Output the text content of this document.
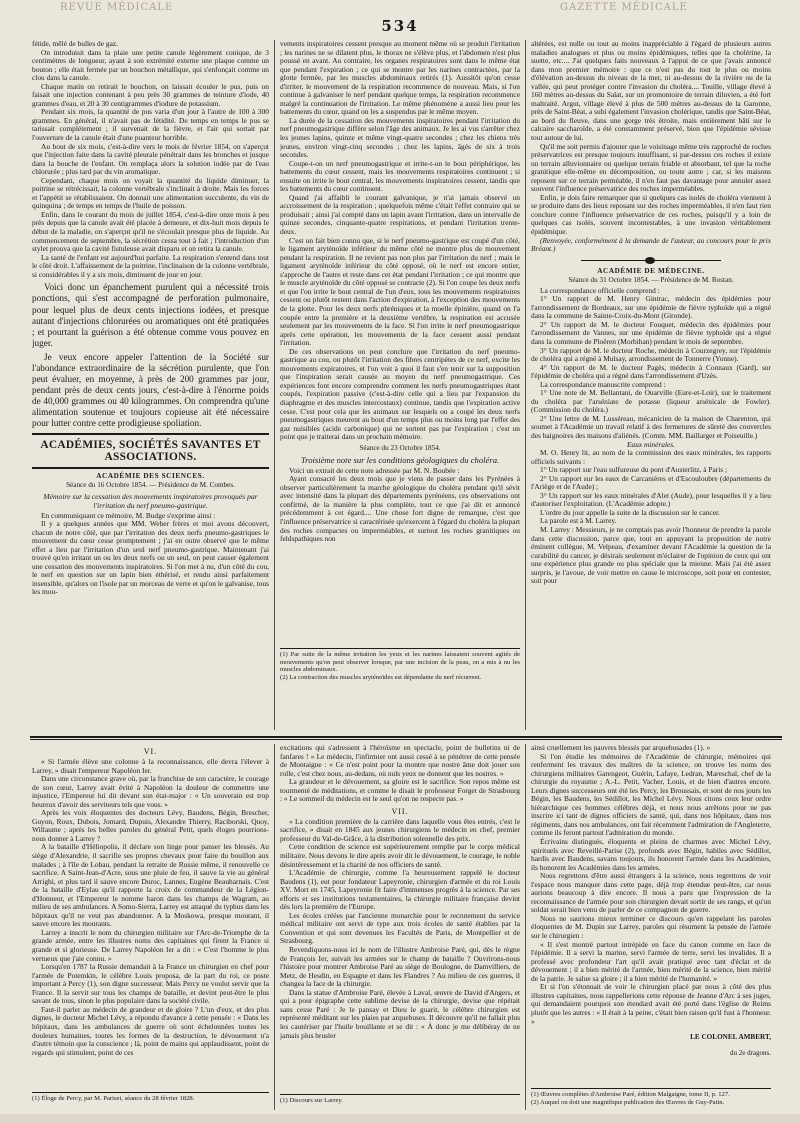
REVUE MÉDICALE	GAZETTE MÉDICALE
534

fétide, mêlé de bulles de gaz.

On introduisit dans la plaie une petite canule légèrement conique, de 3 centimètres de longueur, ayant à son extrémité externe une plaque comme un bouton ; elle était fermée par un bouchon métallique, qui s'enfonçait comme un clou dans la canule.

Chaque matin on retirait le bouchon, on laissait écouler le pus, puis on faisait une injection contenant à peu près 30 grammes de teinture d'iode, 40 grammes d'eau, et 20 à 30 centigrammes d'iodure de potassium.

Pendant six mois, la quantité de pus varia d'un jour à l'autre de 100 à 300 grammes. En général, il n'avait pas de fétidité. De temps en temps le pus se tarissait complétement ; il survenait de la fièvre, et l'air qui sortait par l'ouverture de la canule était d'une puanteur horrible.

Au bout de six mois, c'est-à-dire vers le mois de février 1854, on s'aperçut que l'injection faite dans la cavité pleurale pénétrait dans les bronches et jusque dans la bouche de l'enfant. On remplaça alors la solution iodée par de l'eau chlorurée ; plus tard par du vin aromatique.

Cependant, chaque mois on voyait la quantité du liquide diminuer, la poitrine se rétrécissait, la colonne vertébrale s'inclinait à droite. Mais les forces et l'appétit se rétablissaient. On donnait une alimentation succulente, du vin de quinquina ; de temps en temps de l'huile de poisson.

Enfin, dans le courant du mois de juillet 1854, c'est-à-dire onze mois à peu près depuis que la canule avait été placée à demeure, et dix-huit mois depuis le début de la maladie, on s'aperçut qu'il ne s'écoulait presque plus de liquide. Au commencement de septembre, la sécrétion cessa tout à fait ; l'introduction d'un stylet prouva que la cavité fistuleuse avait disparu et on retira la canule.

La santé de l'enfant est aujourd'hui parfaite. La respiration s'entend dans tout le côté droit. L'affaissement de la poitrine, l'inclinaison de la colonne vertébrale, si considérables il y a six mois, diminuent de jour en jour.

Voici donc un épanchement purulent qui a nécessité trois ponctions, qui s'est accompagné de perforation pulmonaire, pour lequel plus de deux cents injections iodées, et presque autant d'injections chlorurées ou aromatiques ont été pratiquées ; et pourtant la guérison a été obtenue comme vous pouvez en juger.

Je veux encore appeler l'attention de la Société sur l'abondance extraordinaire de la sécrétion purulente, que l'on peut évaluer, en moyenne, à près de 200 grammes par jour, pendant près de deux cents jours, c'est-à-dire à l'énorme poids de 40,000 grammes ou 40 kilogrammes. On comprendra qu'une alimentation soutenue et toujours copieuse ait été nécessaire pour lutter contre cette prodigieuse spoliation.

ACADÉMIES, SOCIÉTÉS SAVANTES ET ASSOCIATIONS.
ACADÉMIE DES SCIENCES.
Séance du 16 Octobre 1854. — Présidence de M. Combes.
Mémoire sur la cessation des mouvements inspiratoires provoqués par l'irritation du nerf pneumo-gastrique.

En communiquant ce mémoire, M. Budge s'exprime ainsi :

Il y a quelques années que MM. Weber frères et moi avons découvert, chacun de notre côté, que par l'irritation des deux nerfs pneumo-gastriques le mouvement du cœur cesse promptement ; j'ai en outre observé que le même effet a lieu par l'irritation d'un seul nerf pneumo-gastrique. Maintenant j'ai trouvé qu'en irritant un ou les deux nerfs ou un seul, on peut causer également une cessation des mouvements inspiratoires. Si l'on met à nu, d'un côté du cou, le nerf en question sur un lapin bien éthérisé, et rendu ainsi parfaitement insensible, qu'alors on l'isole par un morceau de verre et qu'on le galvanise, tous les mou-

vements inspiratoires cessent presque au moment même où se produit l'irritation ; les narines ne se dilatent plus, le thorax ne s'élève plus, et l'abdomen n'est plus poussé en avant. Au contraire, les organes respiratoires sont dans le même état que pendant l'expiration ; ce qui se montre par les narines contractées, par la glotte fermée, par les muscles abdominaux retirés (1). Aussitôt qu'on cesse d'irriter, le mouvement de la respiration recommence de nouveau. Mais, si l'on continue à galvaniser le nerf pendant quelque temps, la respiration recommence malgré la continuation de l'irritation. Le même phénomène a aussi lieu pour les battements du cœur, quand on les a suspendus par le même moyen.

La durée de la cessation des mouvements inspiratoires pendant l'irritation du nerf pneumogastrique diffère selon l'âge des animaux. Je les ai vus s'arrêter chez les jeunes lapins, quinze et même vingt-quatre secondes ; chez les chiens très jeunes, environ vingt-cinq secondes ; chez les lapins, âgés de six à trois secondes.

Coupe-t-on un nerf pneumogastrique et irrite-t-on le bout périphérique, les battements du cœur cessent, mais les mouvements respiratoires continuent ; si ensuite on irrite le bout central, les mouvements inspiratoires cessent, tandis que les battements du cœur continuent.

Quand j'ai affaibli le courant galvanique, je n'ai jamais observé un accroissement de la respiration ; quelquefois même c'était l'effet contraire qui se produisait ; ainsi j'ai compté dans un lapin avant l'irritation, dans un intervalle de quinze secondes, cinquante-quatre respirations, et pendant l'irritation trente-deux.

C'est un fait bien connu que, si le nerf pneumo-gastrique est coupé d'un côté, le ligament aryténoïde inférieur du même côté ne montre plus de mouvement pendant la respiration. Il ne revient pas non plus par l'irritation du nerf ; mais le ligament aryténoïde inférieur du côté opposé, où le nerf est encore entier, s'approche de l'autre et reste dans cet état pendant l'irritation ; ce qui montre que le muscle aryténoïde du côté opposé se contracte (2). Si l'on coupe les deux nerfs et que l'on irrite le bout central de l'un d'eux, tous les mouvements respiratoires cessent ou plutôt restent dans l'action d'expiration, à l'exception des mouvements de la glotte. Pour les deux nerfs phréniques et la moelle épinière, quand on l'a coupée entre la première et la deuxième vertèbre, la respiration est accusée seulement par les mouvements de la face. Si l'on irrite le nerf pneumogastrique après cette opération, les mouvements de la face cessent aussi pendant l'irritation.

De ces observations on peut conclure que l'irritation du nerf pneumo-gastrique au cou, ou plutôt l'irritation des fibres centripètes de ce nerf, excite les mouvements expiratoires, et l'on voit à quoi il faut s'en tenir sur la supposition que l'inspiration serait causée au moyen du nerf pneumogastrique. Ces expériences font encore comprendre comment les nerfs pneumogastriques étant coupés, l'expiration passive (c'est-à-dire celle qui a lieu par l'expansion du diaphragme et des muscles intercostaux) continue, tandis que l'expiration active cesse. C'est pour cela que les animaux sur lesquels on a coupé les deux nerfs pneumogastriques meurent au bout d'un temps plus ou moins long par l'effet des gaz nuisibles (acide carbonique) qui ne sortent pas par l'expiration ; c'est un point que je traiterai dans un prochain mémoire.

Séance du 23 Octobre 1854.
Troisième note sur les conditions géologiques du choléra.

Voici un extrait de cette note adressée par M. N. Boubée :

Ayant consacré les deux mois que je viens de passer dans les Pyrénées à observer particulièrement la marche géologique du choléra pendant qu'il sévit avec intensité dans la plupart des départements pyrénéens, ces observations ont confirmé, de la manière la plus complète, tout ce que j'ai dit et annoncé précédemment à cet égard.... Une chose fort digne de remarque, c'est que l'influence préservatrice si caractérisée qu'exercent à l'égard du choléra la plupart des roches compactes ou imperméables, et surtout les roches granitiques ou feldspathiques non

(1) Par suite de la même irritation les yeux et les narines laissaient souvent agités de mouvements qu'on peut observer lorsque, par une incision de la peau, on a mis à nu les muscles abdominaux.

(2) La contraction des muscles aryténoïdes est dépendante du nerf récurrent.

altérées, est nulle ou tout au moins inappréciable à l'égard de plusieurs autres maladies analogues et plus ou moins épidémiques, telles que la cholérine, la suette, etc.... J'ai quelques faits nouveaux à l'appui de ce que j'avais annoncé dans mon premier mémoire : que ce n'est pas du tout le plus ou moins d'élévation au-dessus du niveau de la mer, ni au-dessus de la rivière ou de la vallée, qui peut protéger contre l'invasion du choléra.... Touille, village élevé à 160 mètres au-dessus du Salat, sur un promontoire de terrain diluvien, a été fort maltraité. Argut, village élevé à plus de 500 mètres au-dessus de la Garonne, près de Saint-Béat, a subi également l'invasion cholérique, tandis que Saint-Béat, au bord du fleuve, dans une gorge très étroite, mais entièrement bâti sur le calcaire saccharoïde, a été constamment préservé, bien que l'épidémie sévisse tout autour de lui.

Qu'il me soit permis d'ajouter que le voisinage même très rapproché de roches préservatrices est presque toujours insuffisant, si par-dessus ces roches il existe un terrain alluvionnaire ou quelque terrain friable et absorbant, tel que la roche granitique elle-même en décomposition, ou toute autre ; car, si les maisons reposent sur ce terrain perméable, il n'en faut pas davantage pour annuler assez souvent l'influence préservatrice des roches imperméables.

Enfin, je dois faire remarquer que si quelques cas isolés de choléra viennent à se produire dans des lieux reposant sur des roches imperméables, il n'en faut rien conclure contre l'influence préservatrice de ces roches, puisqu'il y a loin de quelques cas isolés, souvent incontestables, à une invasion véritablement épidémique.

(Renvoyée, conformément à la demande de l'auteur, au concours pour le prix Bréant.)

ACADÉMIE DE MÉDECINE.
Séance du 31 Octobre 1854. — Présidence de M. Rostan.

La correspondance officielle comprend :

1° Un rapport de M. Henry Gintrac, médecin des épidémies pour l'arrondissement de Bordeaux, sur une épidémie de fièvre typhoïde qui a régné dans la commune de Sainte-Croix-du-Mont (Gironde).

2° Un rapport de M. le docteur Fouquet, médecin des épidémies pour l'arrondissement de Vannes, sur une épidémie de fièvre typhoïde qui a régné dans la commune de Ploëren (Morbihan) pendant le mois de septembre.

3° Un rapport de M. le docteur Roche, médecin à Courzegrey, sur l'épidémie de choléra qui a régné à Mulsay, arrondissement de Tonnerre (Yonne).

4° Un rapport de M. le docteur Pagès, médecin à Connaux (Gard), sur l'épidémie de choléra qui a régné dans l'arrondissement d'Uzès.

La correspondance manuscrite comprend :

1° Une note de M. Bellantani, de Ouarville (Eure-et-Loir), sur le traitement du choléra par l'arséniate de potasse (liqueur arsénicale de Fowler). (Commission du choléra.)

2° Une lettre de M. Lusséreau, mécanicien de la maison de Charenton, qui soumet à l'Académie un travail relatif à des fermetures de sûreté des couvercles des baignoires des maisons d'aliénés. (Comm. MM. Baillarger et Poiseuille.)

Eaux minérales.

M. O. Henry lit, au nom de la commission des eaux minérales, les rapports officiels suivants :

1° Un rapport sur l'eau sulfureuse du pont d'Austerlitz, à Paris ;

2° Un rapport sur les eaux de Carcanières et d'Escouloubre (départements de l'Ariège et de l'Aude) ;

3° Un rapport sur les eaux minérales d'Alet (Aude), pour lesquelles il y a lieu d'autoriser l'exploitation. (L'Académie adopte.)

L'ordre du jour appelle la suite de la discussion sur le cancer.

La parole est à M. Larrey.

M. Larrey : Messieurs, je ne comptais pas avoir l'honneur de prendre la parole dans cette discussion, parce que, tout en appuyant la proposition de notre éminent collègue, M. Velpeau, d'examiner devant l'Académie la question de la curabilité du cancer, je désirais seulement m'éclairer de l'opinion de ceux qui ont une expérience plus grande ou plus spéciale que la mienne. Mais j'ai été assez surpris, je l'avoue, de voir mettre en cause le microscope, soit pour en contester, soit pour

VI.

« Si l'armée élève une colonne à la reconnaissance, elle devra l'élever à Larrey, » disait l'empereur Napoléon Ier.

Dans une circonstance grave où, par la franchise de son caractère, le courage de son cœur, Larrey avait évité à Napoléon la douleur de commettre une injustice, l'Empereur lui dit devant son état-major : « Un souverain est trop heureux d'avoir des serviteurs tels que vous. »

Après les voix éloquentes des docteurs Lévy, Baudens, Bégin, Brescher, Guyon, Roux, Dubois, Jomard, Dupuis, Alexandre Thierry, Raciborski, Quoy, Willaume ; après les belles paroles du général Petit, quels éloges pourrions-nous donner à Larrey ?

A la bataille d'Héliopolis, il déclare son linge pour panser les blessés. Au siège d'Alexandrie, il sacrifie ses propres chevaux pour faire du bouillon aux malades ; à l'île de Lobau, pendant la retraite de Russie même, il renouvelle ce sacrifice. A Saint-Jean-d'Acre, sous une pluie de feu, il sauve la vie au général Arrighi, et plus tard il sauve encore Duroc, Lannes, Eugène Beauharnais. C'est de la bataille d'Eylau qu'il rapporte la croix de commandeur de la Légion-d'Honneur, et l'Empereur le nomme baron dans les champs de Wagram, au milieu de ses ambulances. A Somo-Sierra, Larrey est attaqué du typhus dans les hôpitaux qu'il ne veut pas abandonner. A la Moskowa, presque mourant, il sauve encore les mourants.

Larrey a inscrit le nom du chirurgien militaire sur l'Arc-de-Triomphe de la grande armée, entre les illustres noms des capitaines qui firent la France si grande et si glorieuse. De Larrey Napoléon Ier a dit : « C'est l'homme le plus vertueux que j'aie connu. »

Lorsqu'en 1787 la Russie demandait à la France un chirurgien en chef pour l'armée de Potemkin, le célèbre Louis proposa, de la part du roi, ce poste important à Percy (1), son digne successeur. Mais Percy ne voulut servir que la France. Il la servit sur tous les champs de bataille, et devint peut-être le plus savant de tous, sinon le plus populaire dans la société civile.

Faut-il parler au médecin de grandeur et de gloire ? L'un d'eux, et des plus dignes, le docteur Michel Lévy, a répondu d'avance à cette pensée : « Dans les hôpitaux, dans les ambulances de guerre où sont échelonnées toutes les douleurs humaines, toutes les formes de la destruction, le dévouement n'a d'autre témoin que la conscience ; là, point de mains qui applaudissent, point de regards qui stimulent, point de ces

(1) Éloge de Percy, par M. Pariset, séance du 28 février 1828.

excitations qui s'adressent à l'héroïsme en spectacle, point de bulletins ni de fanfares ! » Le médecin, l'infirmier ont aussi cessé à se pénétrer de cette pensée de Montaigne : « Ce n'est point pour la montre que nostre âme doit jouer son rolle, c'est chez nous, au-dedans, où nuls yeux ne donnent que les nostres. »

La grandeur et le dévouement, sa gloire est le sacrifice. Son repos même est tourmenté de méditations, et comme le disait le professeur Forget de Strasbourg : « Le sommeil du médecin est le seul qu'on ne respecte pas. »

VII.

« La condition première de la carrière dans laquelle vous êtes entrés, c'est le sacrifice, » disait en 1845 aux jeunes chirurgiens le médecin en chef, premier professeur du Val-de-Grâce, à la distribution solennelle des prix.

Cette condition de science est supérieurement remplie par le corps médical militaire. Nous devons le dire après avoir dit le dévouement, le courage, le noble désintéressement et la charité de nos officiers de santé.

L'Académie de chirurgie, comme l'a heureusement rappelé le docteur Baudens (1), eut pour fondateur Lapeyronie, chirurgien d'armée et du roi Louis XV. Mort en 1745, Lapeyronie fit faire d'immenses progrès à la science. Par ses efforts et ses institutions testamentaires, la chirurgie militaire française devint dès lors la première de l'Europe.

Les écoles créées par l'ancienne monarchie pour le recrutement du service médical militaire ont servi de type aux trois écoles de santé établies par la Convention et qui sont devenues les Facultés de Paris, de Montpellier et de Strasbourg.

Revendiquons-nous ici le nom de l'illustre Ambroise Paré, qui, dès le règne de François Ier, suivait les armées sur le champ de bataille ? Ouvrirons-nous l'histoire pour montrer Ambroise Paré au siège de Boulogne, de Damvilliers, de Metz, de Hesdin, en Espagne et dans les Flandres ? Au milieu de ces guerres, il changea la face de la chirurgie.

Dans la statue d'Ambroise Paré, élevée à Laval, œuvre de David d'Angers, et qui a pour épigraphe cette sublime devise de la chirurgie, devise que répétait sans cesse Paré : Je le pansay et Dieu le guarit, le célèbre chirurgien est représenté méditant sur les plaies par arquebuses. Il découvre qu'il ne fallait plus les cautériser par l'huile bouillante et se dit : « À donc je me délibéray de ne jamais plus brusler

(1) Discours sur Larrey.

ainsi cruellement les pauvres blessés par arquebusades (1). »

Si l'on étudie les mémoires de l'Académie de chirurgie, mémoires qui renferment les travaux des maîtres de la science, on trouve les noms des chirurgiens militaires Garengeot, Guérin, Lafaye, Ledran, Mareschal, chef de la chirurgie du royaume ; A.-L. Petit, Vacher, Louis, et de bien d'autres encore. Leurs dignes successeurs ont été les Percy, les Broussais, et sont de nos jours les Bégin, les Baudens, les Sédillot, les Michel Lévy. Nous citons ceux leur ordre hiérarchique ces hommes célèbres déjà, et nous nous arrêtons pour ne pas inscrire ici tant de dignes officiers de santé, qui, dans nos hôpitaux, dans nos régiments, dans nos ambulances, ont fait récemment l'admiration de l'Angleterre, comme ils feront partout l'admiration du monde.

Écrivains distingués, éloquents et pleins de charmes avec Michel Lévy, spirituels avec Reveillé-Parise (2), profonds avec Bégin, habiles avec Sédillot, hardis avec Baudens, savans toujours, ils honorent l'armée dans les Académies, ils honorent les Académies dans les armées.

Nous regrettons d'être aussi étrangers à la science, nous regrettons de voir l'espace nous manquer dans cette page, déjà trop étendue peut-être, car nous aurions beaucoup à dire encore. Il nous a paru que l'expression de la reconnaissance de l'armée pour son chirurgien devait sortir de ses rangs, et qu'un soldat serait bien venu de parler de ce compagnon de guerre.

Nous ne saurions mieux terminer ce discours qu'en rappelant les paroles éloquentes de M. Dupin sur Larrey, paroles qui résument la pensée de l'armée sur le chirurgien :

« Il s'est montré partout intrépide en face du canon comme en face de l'épidémie. Il a servi la marine, servi l'armée de terre, servi les invalides. Il a professé avec profondeur l'art qu'il avait pratiqué avec tant d'éclat et de dévouement ; il a bien mérité de l'armée, bien mérité de la science, bien mérité de la patrie. Je salue sa gloire ; il a bien mérité de l'humanité. »

Et si l'on s'étonnait de voir le chirurgien placé par nous à côté des plus illustres capitaines, nous rappellerions cette réponse de Jeanne d'Arc à ses juges, qui demandaient pourquoi son étendard avait été porté dans l'église de Reims plutôt que les autres : « Il était à la peine, c'était bien raison qu'il fust à l'honneur. »

LE COLONEL AMBERT,

du 2e dragons.

(1) Œuvres complètes d'Ambroise Paré, édition Malgaigne, tome II, p. 127.

(2) Auquel on doit une magnifique publication des Œuvres de Guy-Patin.
